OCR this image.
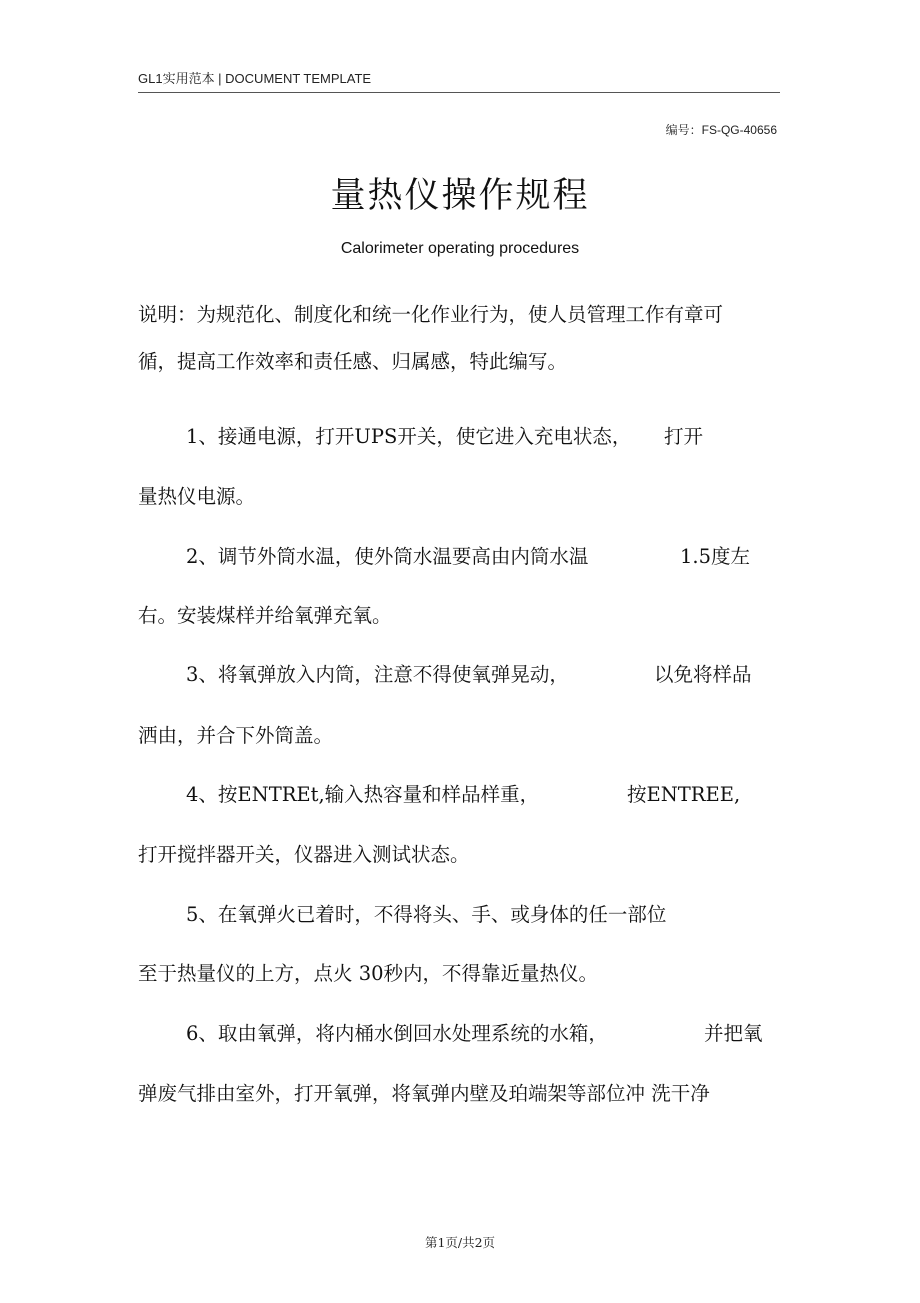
GL1实用范本 | DOCUMENT TEMPLATE
编号：FS-QG-40656
量热仪操作规程
Calorimeter operating procedures
说明：为规范化、制度化和统一化作业行为，使人员管理工作有章可
循，提高工作效率和责任感、归属感，特此编写。
1、接通电源，打开UPS开关，使它进入充电状态， 打开
量热仪电源。
2、调节外筒水温，使外筒水温要高由内筒水温	1.5度左
右。安装煤样并给氧弹充氧。
3、将氧弹放入内筒，注意不得使氧弹晃动，	以免将样品
洒由，并合下外筒盖。
4、按ENTREt,输入热容量和样品样重，	按ENTREE,
打开搅拌器开关，仪器进入测试状态。
5、在氧弹火已着时，不得将头、手、或身体的任一部位
至于热量仪的上方，点火 30秒内，不得靠近量热仪。
6、取由氧弹，将内桶水倒回水处理系统的水箱，	并把氧
弹废气排由室外，打开氧弹，将氧弹内壁及珀端架等部位冲 洗干净
第1页/共2页
